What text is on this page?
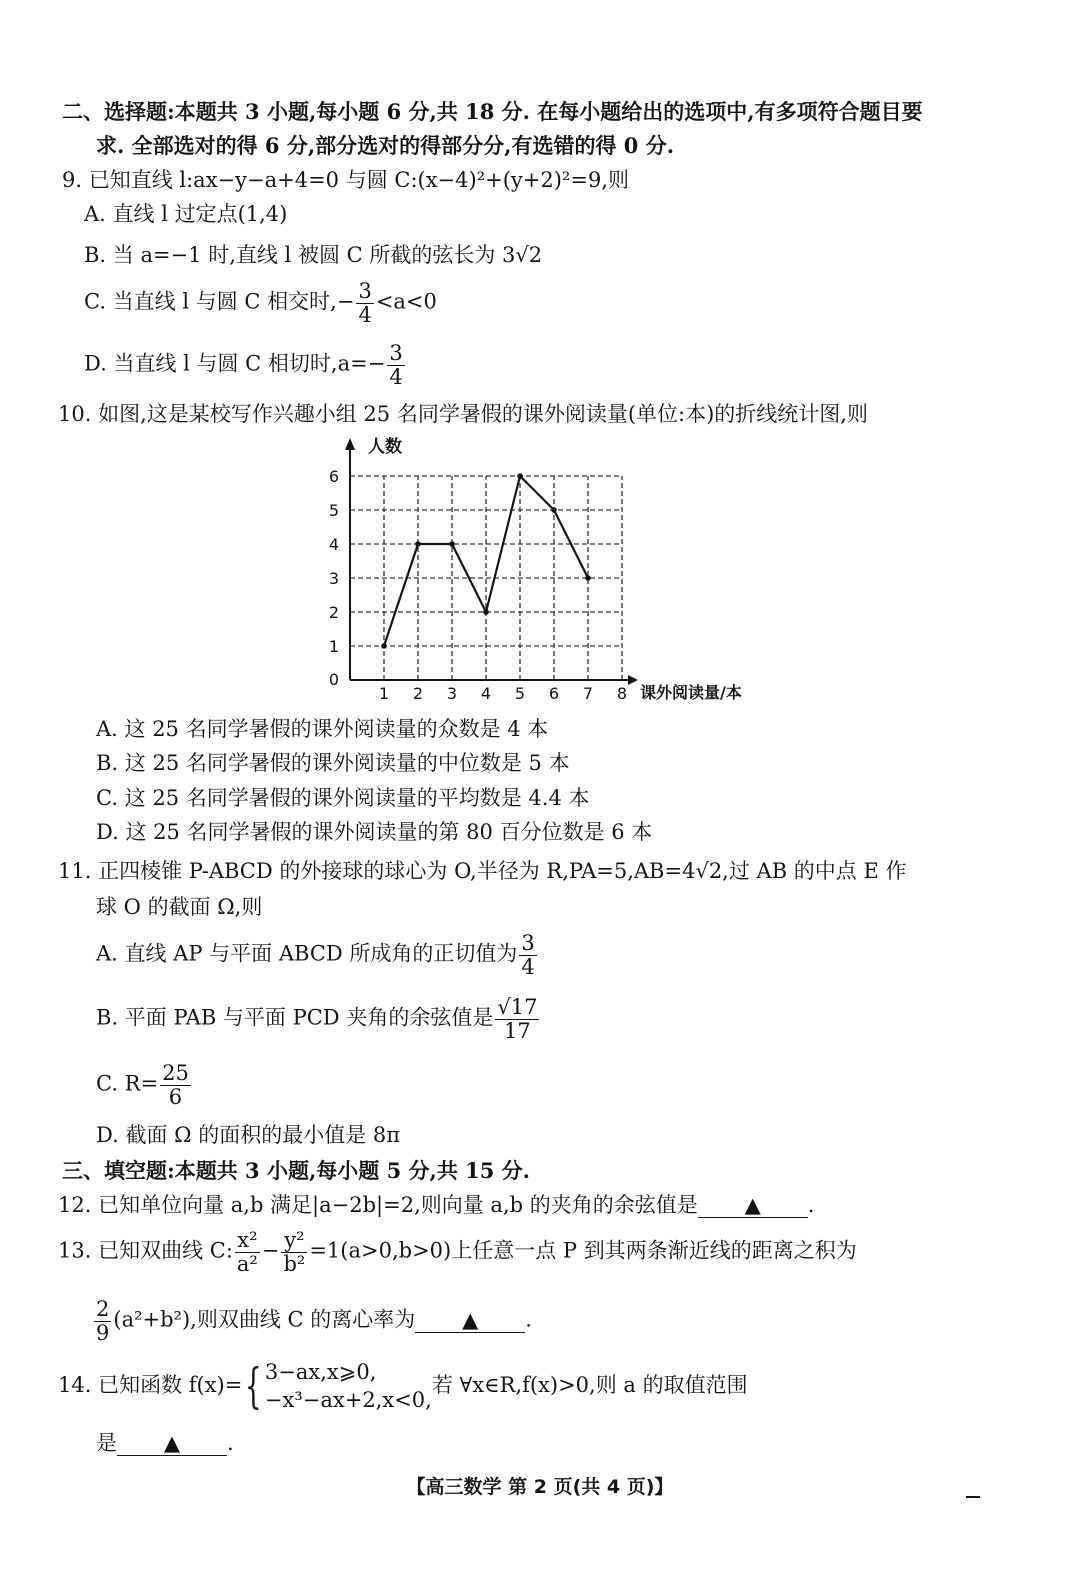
二、选择题:本题共 3 小题,每小题 6 分,共 18 分. 在每小题给出的选项中,有多项符合题目要
求. 全部选对的得 6 分,部分选对的得部分分,有选错的得 0 分.
9. 已知直线 l:ax−y−a+4=0 与圆 C:(x−4)²+(y+2)²=9,则
A. 直线 l 过定点(1,4)
B. 当 a=−1 时,直线 l 被圆 C 所截的弦长为 3√2
C. 当直线 l 与圆 C 相交时,− $\frac{3}{4} <a<0$
D. 当直线 l 与圆 C 相切时$,a=- \frac{3}{4}$
10. 如图,这是某校写作兴趣小组 25 名同学暑假的课外阅读量(单位:本)的折线统计图,则
1 2 3 4 5 6 7 8
1
2
3
4
5
6
人数
课外阅读量/本
0
A. 这 25 名同学暑假的课外阅读量的众数是 4 本
B. 这 25 名同学暑假的课外阅读量的中位数是 5 本
C. 这 25 名同学暑假的课外阅读量的平均数是 4.4 本
D. 这 25 名同学暑假的课外阅读量的第 80 百分位数是 6 本
11. 正四棱锥 P-ABCD 的外接球的球心为 O,半径为 R,PA=5,AB=4√2,过 AB 的中点 E 作
球 O 的截面 Ω,则
A. 直线 AP 与平面 ABCD 所成角的正切值为 $\frac{3}{4}$
B. 平面 PAB 与平面 PCD 夹角的余弦值是 $\frac{√17}{17}$
C. $R= \frac{25}{6}$
D. 截面 Ω 的面积的最小值是 8π
三、填空题:本题共 3 小题,每小题 5 分,共 15 分.
12. 已知单位向量 a,b 满足|a−2b|=2,则向量 a,b 的夹角的余弦值是 ▲ .
13. 已知双曲线 C: $\frac{\text{x²}}{\text{a²}} - \frac{\text{y²}}{\text{b²}} =1(a>0,b>0)$上任意一点 P 到其两条渐近线的距离之积为
$\frac{2}{9} (a^2+b^2)$,则双曲线 C 的离心率为 ▲ .
14. 已知函数 f(x)={ 3−ax,x⩾0,
−x³−ax+2,x<0,
若 ∀x∈R,f(x)>0,则 a 的取值范围
是 ▲ .
【高三数学 第 2 页(共 4 页)】
